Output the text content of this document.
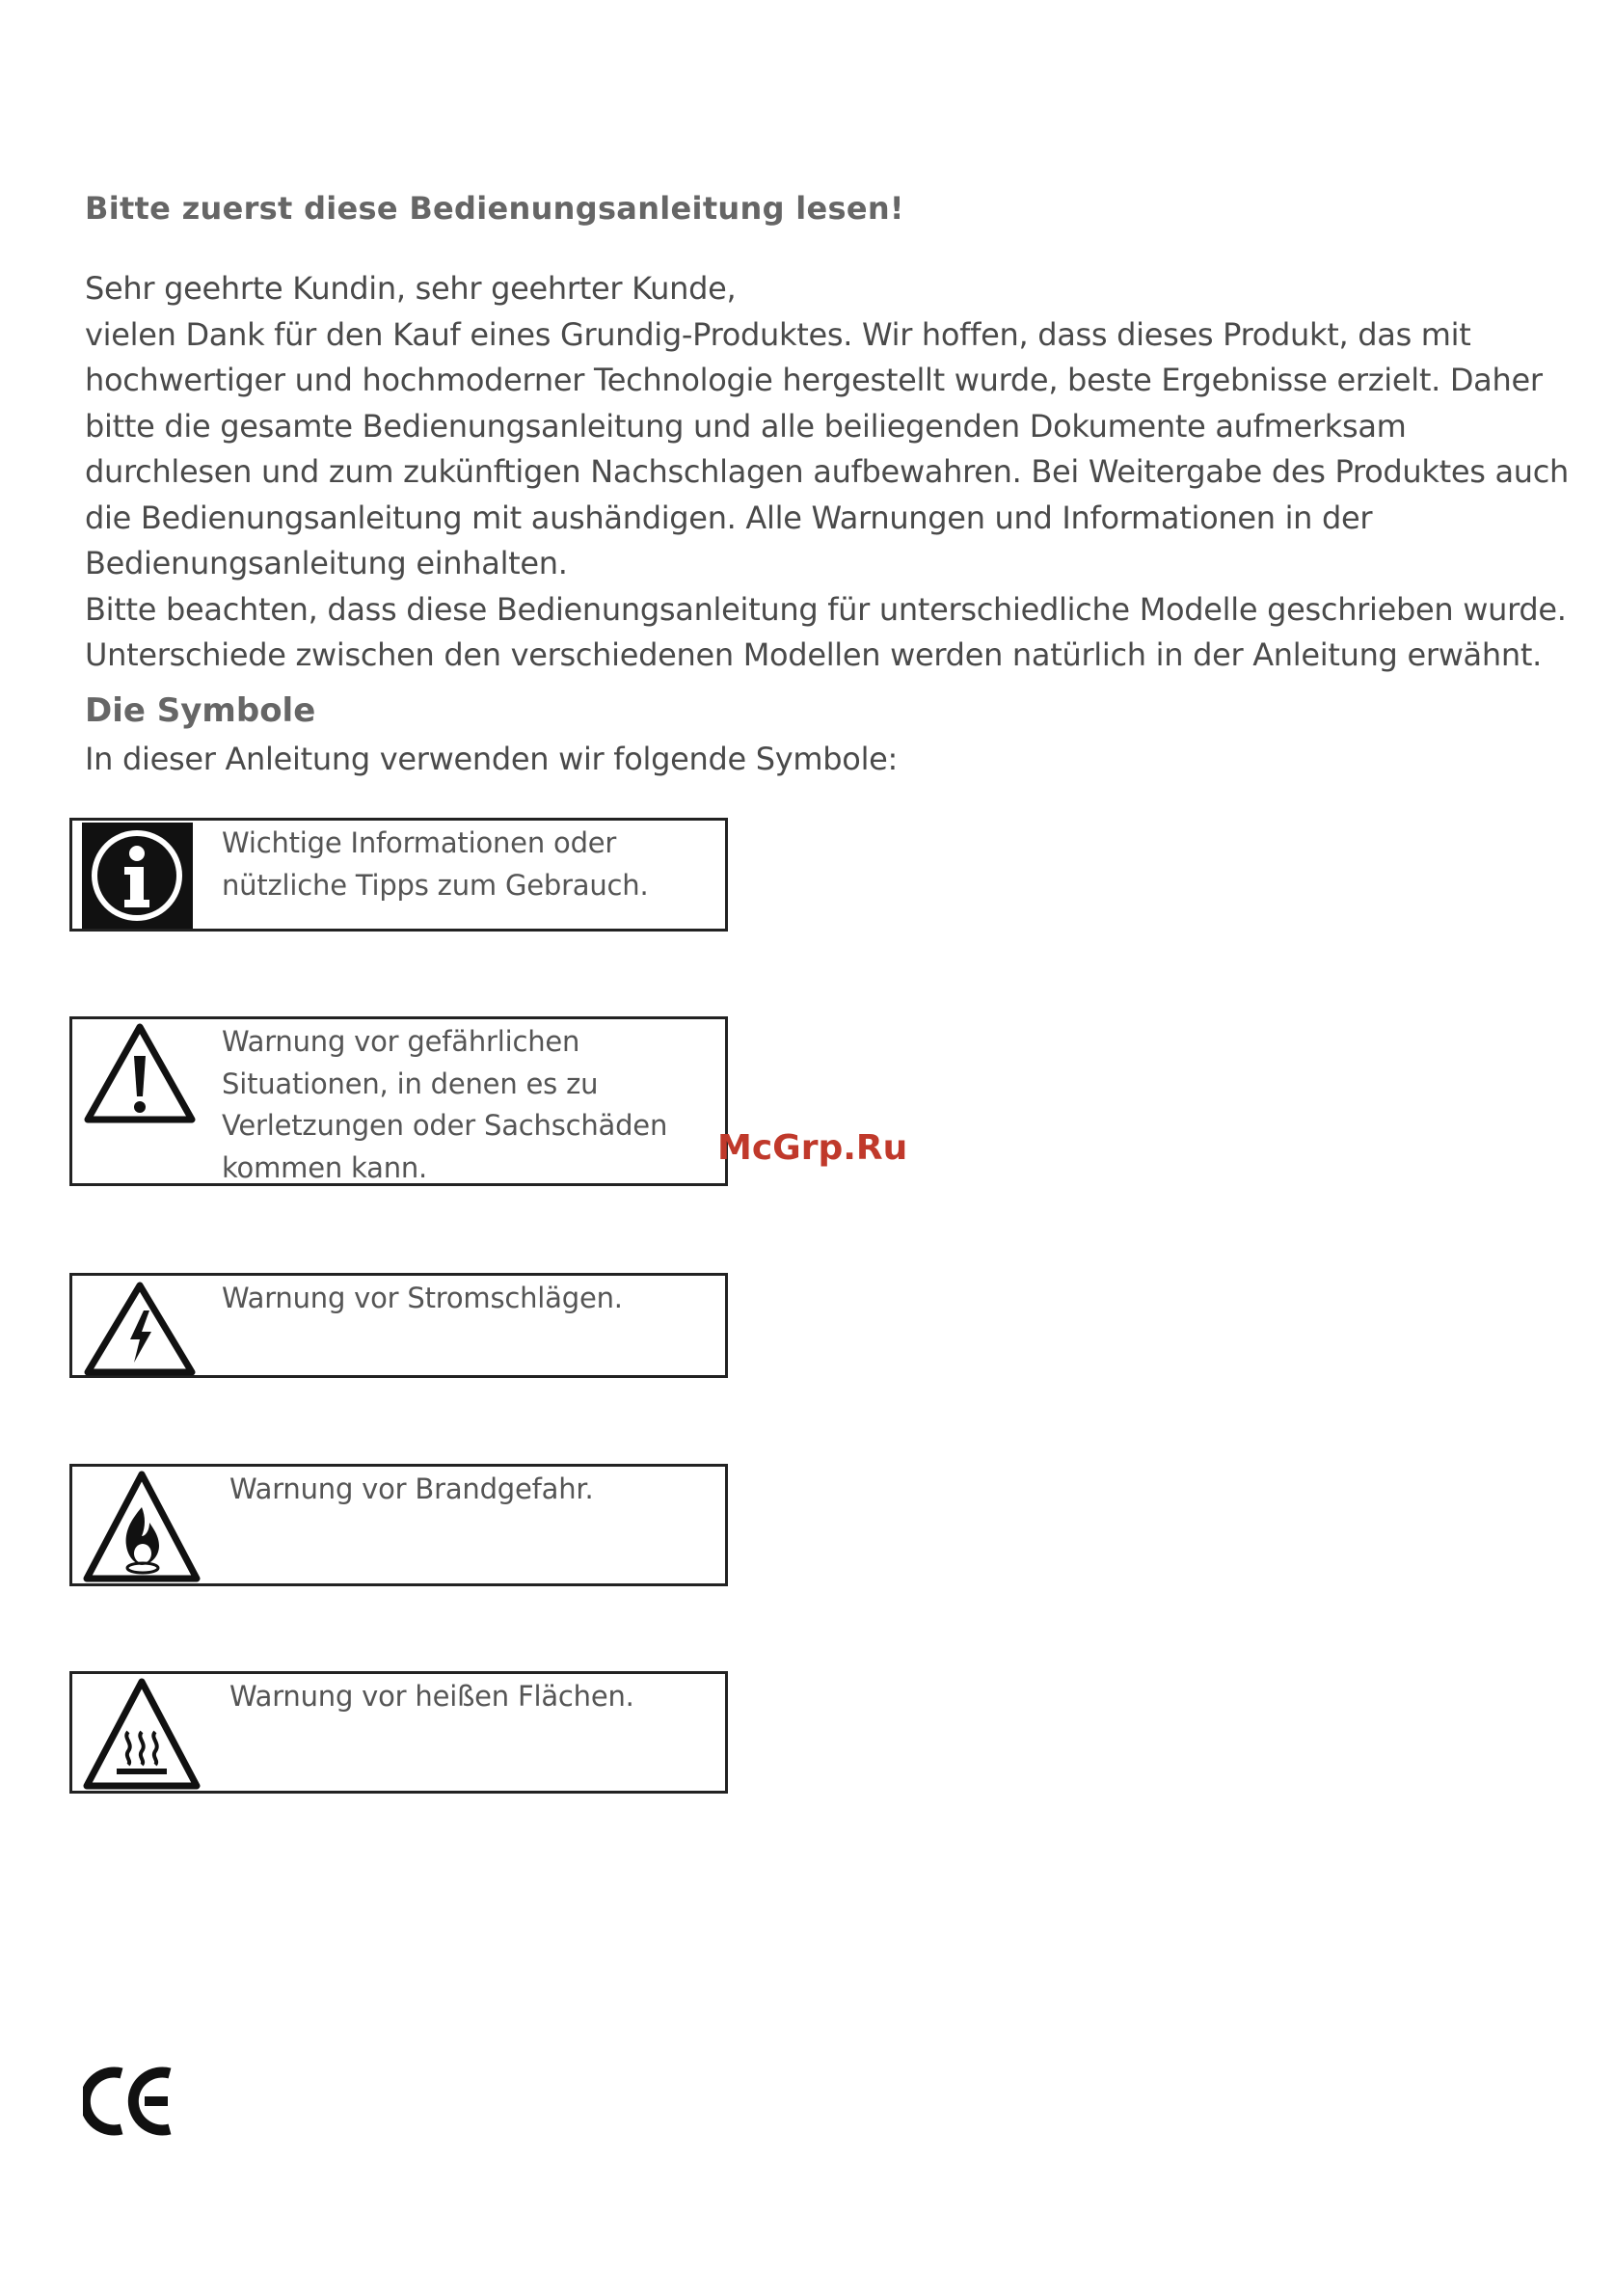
Bitte zuerst diese Bedienungsanleitung lesen!

Sehr geehrte Kundin, sehr geehrter Kunde,

vielen Dank für den Kauf eines Grundig-Produktes. Wir hoffen, dass dieses Produkt, das mit hochwertiger und hochmoderner Technologie hergestellt wurde, beste Ergebnisse erzielt. Daher bitte die gesamte Bedienungsanleitung und alle beiliegenden Dokumente aufmerksam durchlesen und zum zukünftigen Nachschlagen aufbewahren. Bei Weitergabe des Produktes auch die Bedienungsanleitung mit aushändigen. Alle Warnungen und Informationen in der Bedienungsanleitung einhalten.

Bitte beachten, dass diese Bedienungsanleitung für unterschiedliche Modelle geschrieben wurde. Unterschiede zwischen den verschiedenen Modellen werden natürlich in der Anleitung erwähnt.

Die Symbole
In dieser Anleitung verwenden wir folgende Symbole:
Wichtige Informationen oder nützliche Tipps zum Gebrauch.
Warnung vor gefährlichen Situationen, in denen es zu Verletzungen oder Sachschäden kommen kann.
Warnung vor Stromschlägen.
Warnung vor Brandgefahr.
Warnung vor heißen Flächen.
McGrp.Ru
